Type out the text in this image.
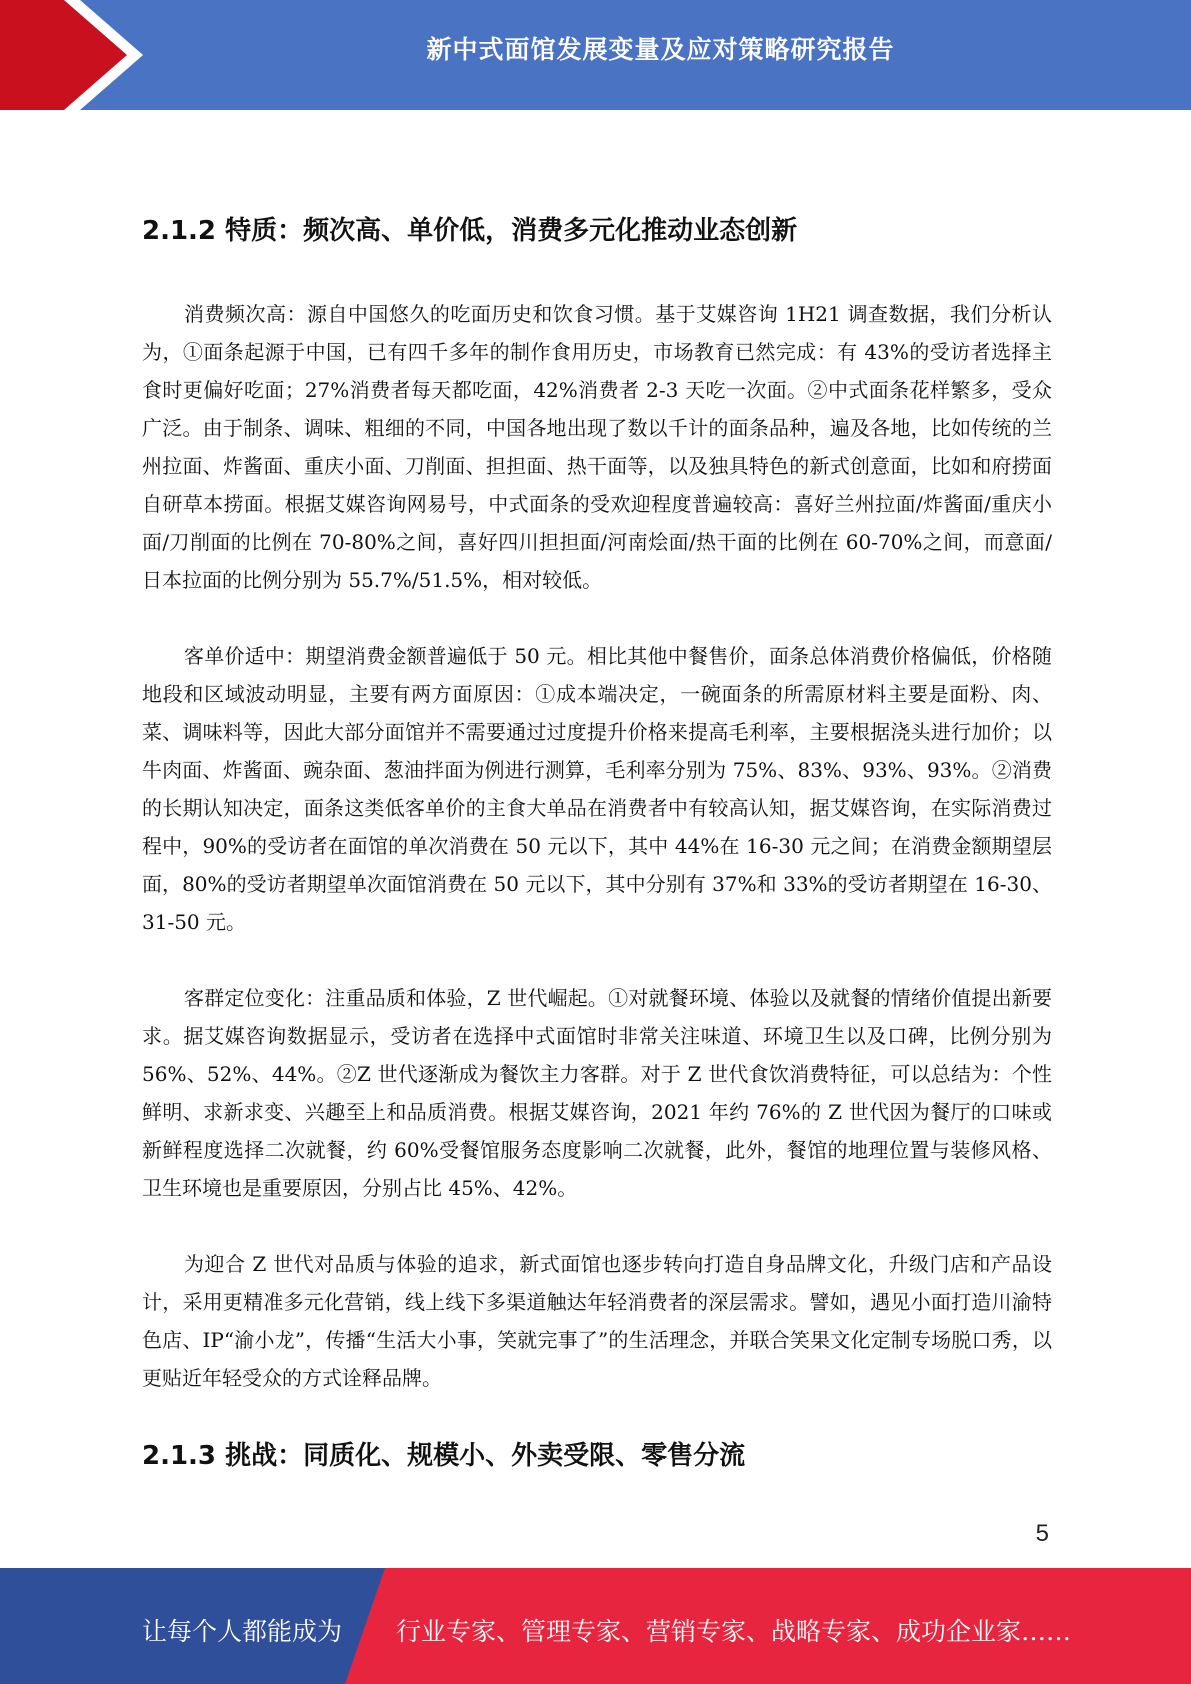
新中式面馆发展变量及应对策略研究报告
2.1.2 特质：频次高、单价低，消费多元化推动业态创新

消费频次高：源自中国悠久的吃面历史和饮食习惯。基于艾媒咨询 1H21 调查数据，我们分析认为，①面条起源于中国，已有四千多年的制作食用历史，市场教育已然完成：有 43%的受访者选择主食时更偏好吃面；27%消费者每天都吃面，42%消费者 2-3 天吃一次面。②中式面条花样繁多，受众广泛。由于制条、调味、粗细的不同，中国各地出现了数以千计的面条品种，遍及各地，比如传统的兰州拉面、炸酱面、重庆小面、刀削面、担担面、热干面等，以及独具特色的新式创意面，比如和府捞面自研草本捞面。根据艾媒咨询网易号，中式面条的受欢迎程度普遍较高：喜好兰州拉面/炸酱面/重庆小面/刀削面的比例在 70-80%之间，喜好四川担担面/河南烩面/热干面的比例在 60-70%之间，而意面/日本拉面的比例分别为 55.7%/51.5%，相对较低。

客单价适中：期望消费金额普遍低于 50 元。相比其他中餐售价，面条总体消费价格偏低，价格随地段和区域波动明显，主要有两方面原因：①成本端决定，一碗面条的所需原材料主要是面粉、肉、菜、调味料等，因此大部分面馆并不需要通过过度提升价格来提高毛利率，主要根据浇头进行加价；以牛肉面、炸酱面、豌杂面、葱油拌面为例进行测算，毛利率分别为 75%、83%、93%、93%。②消费的长期认知决定，面条这类低客单价的主食大单品在消费者中有较高认知，据艾媒咨询，在实际消费过程中，90%的受访者在面馆的单次消费在 50 元以下，其中 44%在 16-30 元之间；在消费金额期望层面，80%的受访者期望单次面馆消费在 50 元以下，其中分别有 37%和 33%的受访者期望在 16-30、31-50 元。

客群定位变化：注重品质和体验，Z 世代崛起。①对就餐环境、体验以及就餐的情绪价值提出新要求。据艾媒咨询数据显示，受访者在选择中式面馆时非常关注味道、环境卫生以及口碑，比例分别为 56%、52%、44%。②Z 世代逐渐成为餐饮主力客群。对于 Z 世代食饮消费特征，可以总结为：个性鲜明、求新求变、兴趣至上和品质消费。根据艾媒咨询，2021 年约 76%的 Z 世代因为餐厅的口味或新鲜程度选择二次就餐，约 60%受餐馆服务态度影响二次就餐，此外，餐馆的地理位置与装修风格、卫生环境也是重要原因，分别占比 45%、42%。

为迎合 Z 世代对品质与体验的追求，新式面馆也逐步转向打造自身品牌文化，升级门店和产品设计，采用更精准多元化营销，线上线下多渠道触达年轻消费者的深层需求。譬如，遇见小面打造川渝特色店、IP“渝小龙”，传播“生活大小事，笑就完事了”的生活理念，并联合笑果文化定制专场脱口秀，以更贴近年轻受众的方式诠释品牌。

2.1.3 挑战：同质化、规模小、外卖受限、零售分流
5
让每个人都能成为 行业专家、管理专家、营销专家、战略专家、成功企业家……
